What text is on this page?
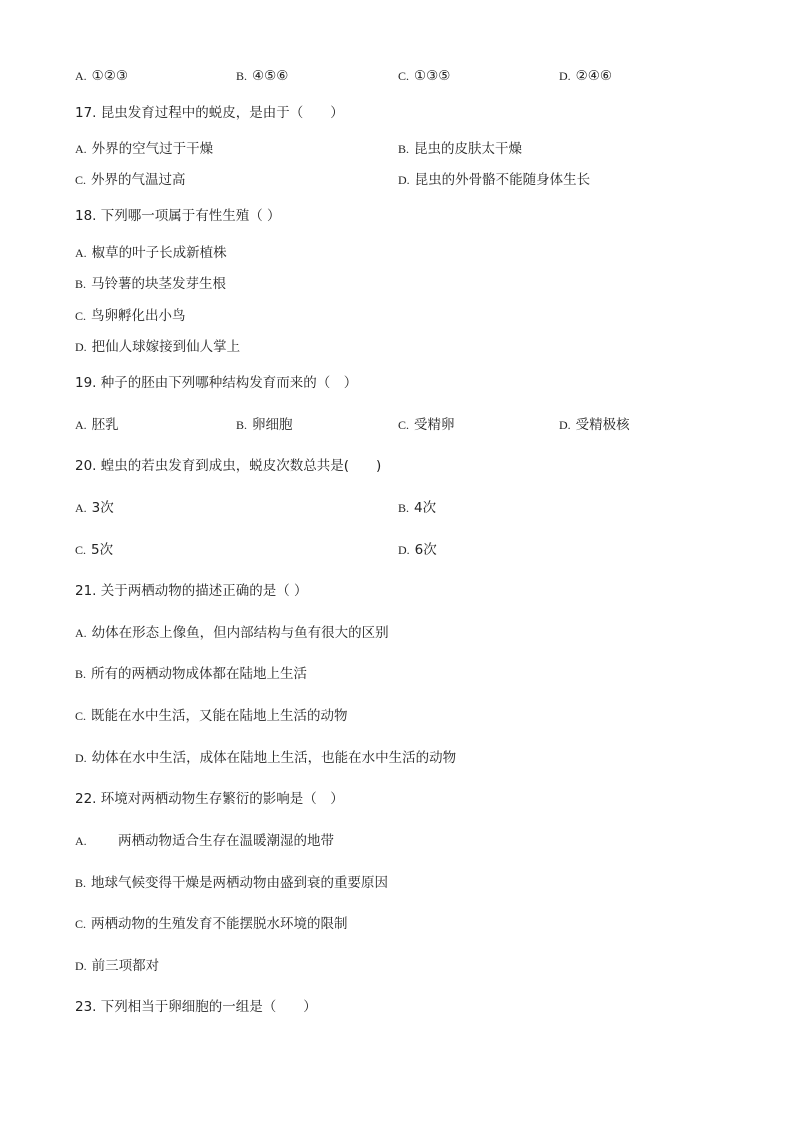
A. ①②③	B. ④⑤⑥	C. ①③⑤	D. ②④⑥
17. 昆虫发育过程中的蜕皮，是由于（　　）
A. 外界的空气过于干燥	B. 昆虫的皮肤太干燥
C. 外界的气温过高	D. 昆虫的外骨骼不能随身体生长
18. 下列哪一项属于有性生殖（ ）
A. 椒草的叶子长成新植株
B. 马铃薯的块茎发芽生根
C. 鸟卵孵化出小鸟
D. 把仙人球嫁接到仙人掌上
19. 种子的胚由下列哪种结构发育而来的（　）
A. 胚乳	B. 卵细胞	C. 受精卵	D. 受精极核
20. 蝗虫的若虫发育到成虫，蜕皮次数总共是(　　)
A. 3次	B. 4次
C. 5次	D. 6次
21. 关于两栖动物的描述正确的是（ ）
A. 幼体在形态上像鱼，但内部结构与鱼有很大的区别
B. 所有的两栖动物成体都在陆地上生活
C. 既能在水中生活，又能在陆地上生活的动物
D. 幼体在水中生活，成体在陆地上生活，也能在水中生活的动物
22. 环境对两栖动物生存繁衍的影响是（　）
A. 两栖动物适合生存在温暖潮湿的地带
B. 地球气候变得干燥是两栖动物由盛到衰的重要原因
C. 两栖动物的生殖发育不能摆脱水环境的限制
D. 前三项都对
23. 下列相当于卵细胞的一组是（　　）
